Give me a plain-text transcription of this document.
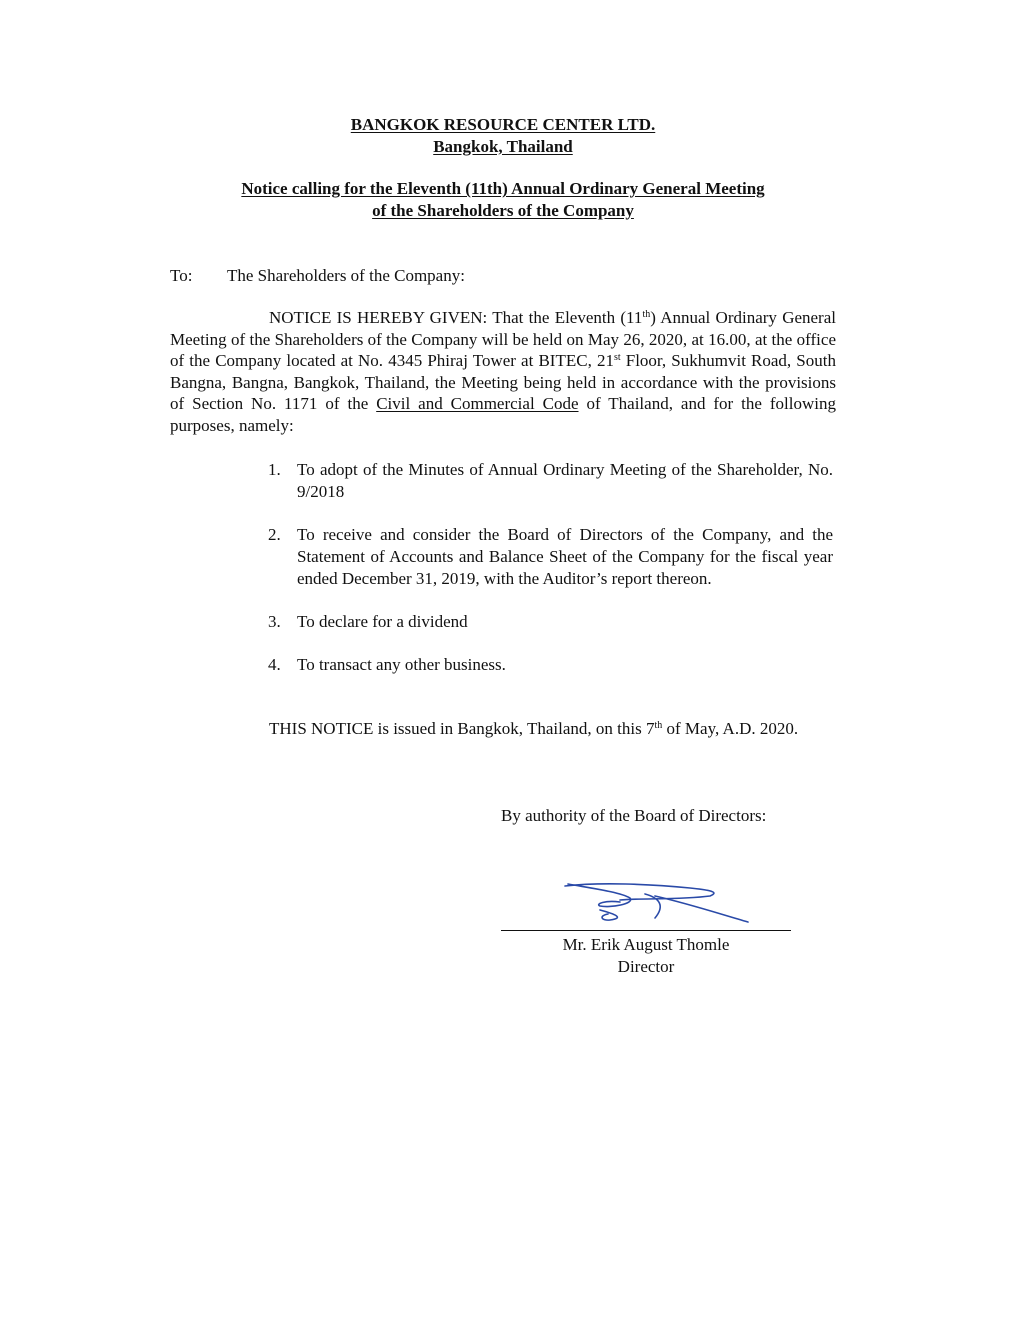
BANGKOK RESOURCE CENTER LTD.
Bangkok, Thailand
Notice calling for the Eleventh (11th) Annual Ordinary General Meeting
of the Shareholders of the Company
To: The Shareholders of the Company:
NOTICE IS HEREBY GIVEN: That the Eleventh (11th) Annual Ordinary General Meeting of the Shareholders of the Company will be held on May 26, 2020, at 16.00, at the office of the Company located at No. 4345 Phiraj Tower at BITEC, 21st Floor, Sukhumvit Road, South Bangna, Bangna, Bangkok, Thailand, the Meeting being held in accordance with the provisions of Section No. 1171 of the Civil and Commercial Code of Thailand, and for the following purposes, namely:
1. To adopt of the Minutes of Annual Ordinary Meeting of the Shareholder, No. 9/2018
2. To receive and consider the Board of Directors of the Company, and the Statement of Accounts and Balance Sheet of the Company for the fiscal year ended December 31, 2019, with the Auditor’s report thereon.
3. To declare for a dividend
4. To transact any other business.
THIS NOTICE is issued in Bangkok, Thailand, on this 7th of May, A.D. 2020.
By authority of the Board of Directors:
Mr. Erik August Thomle
Director
